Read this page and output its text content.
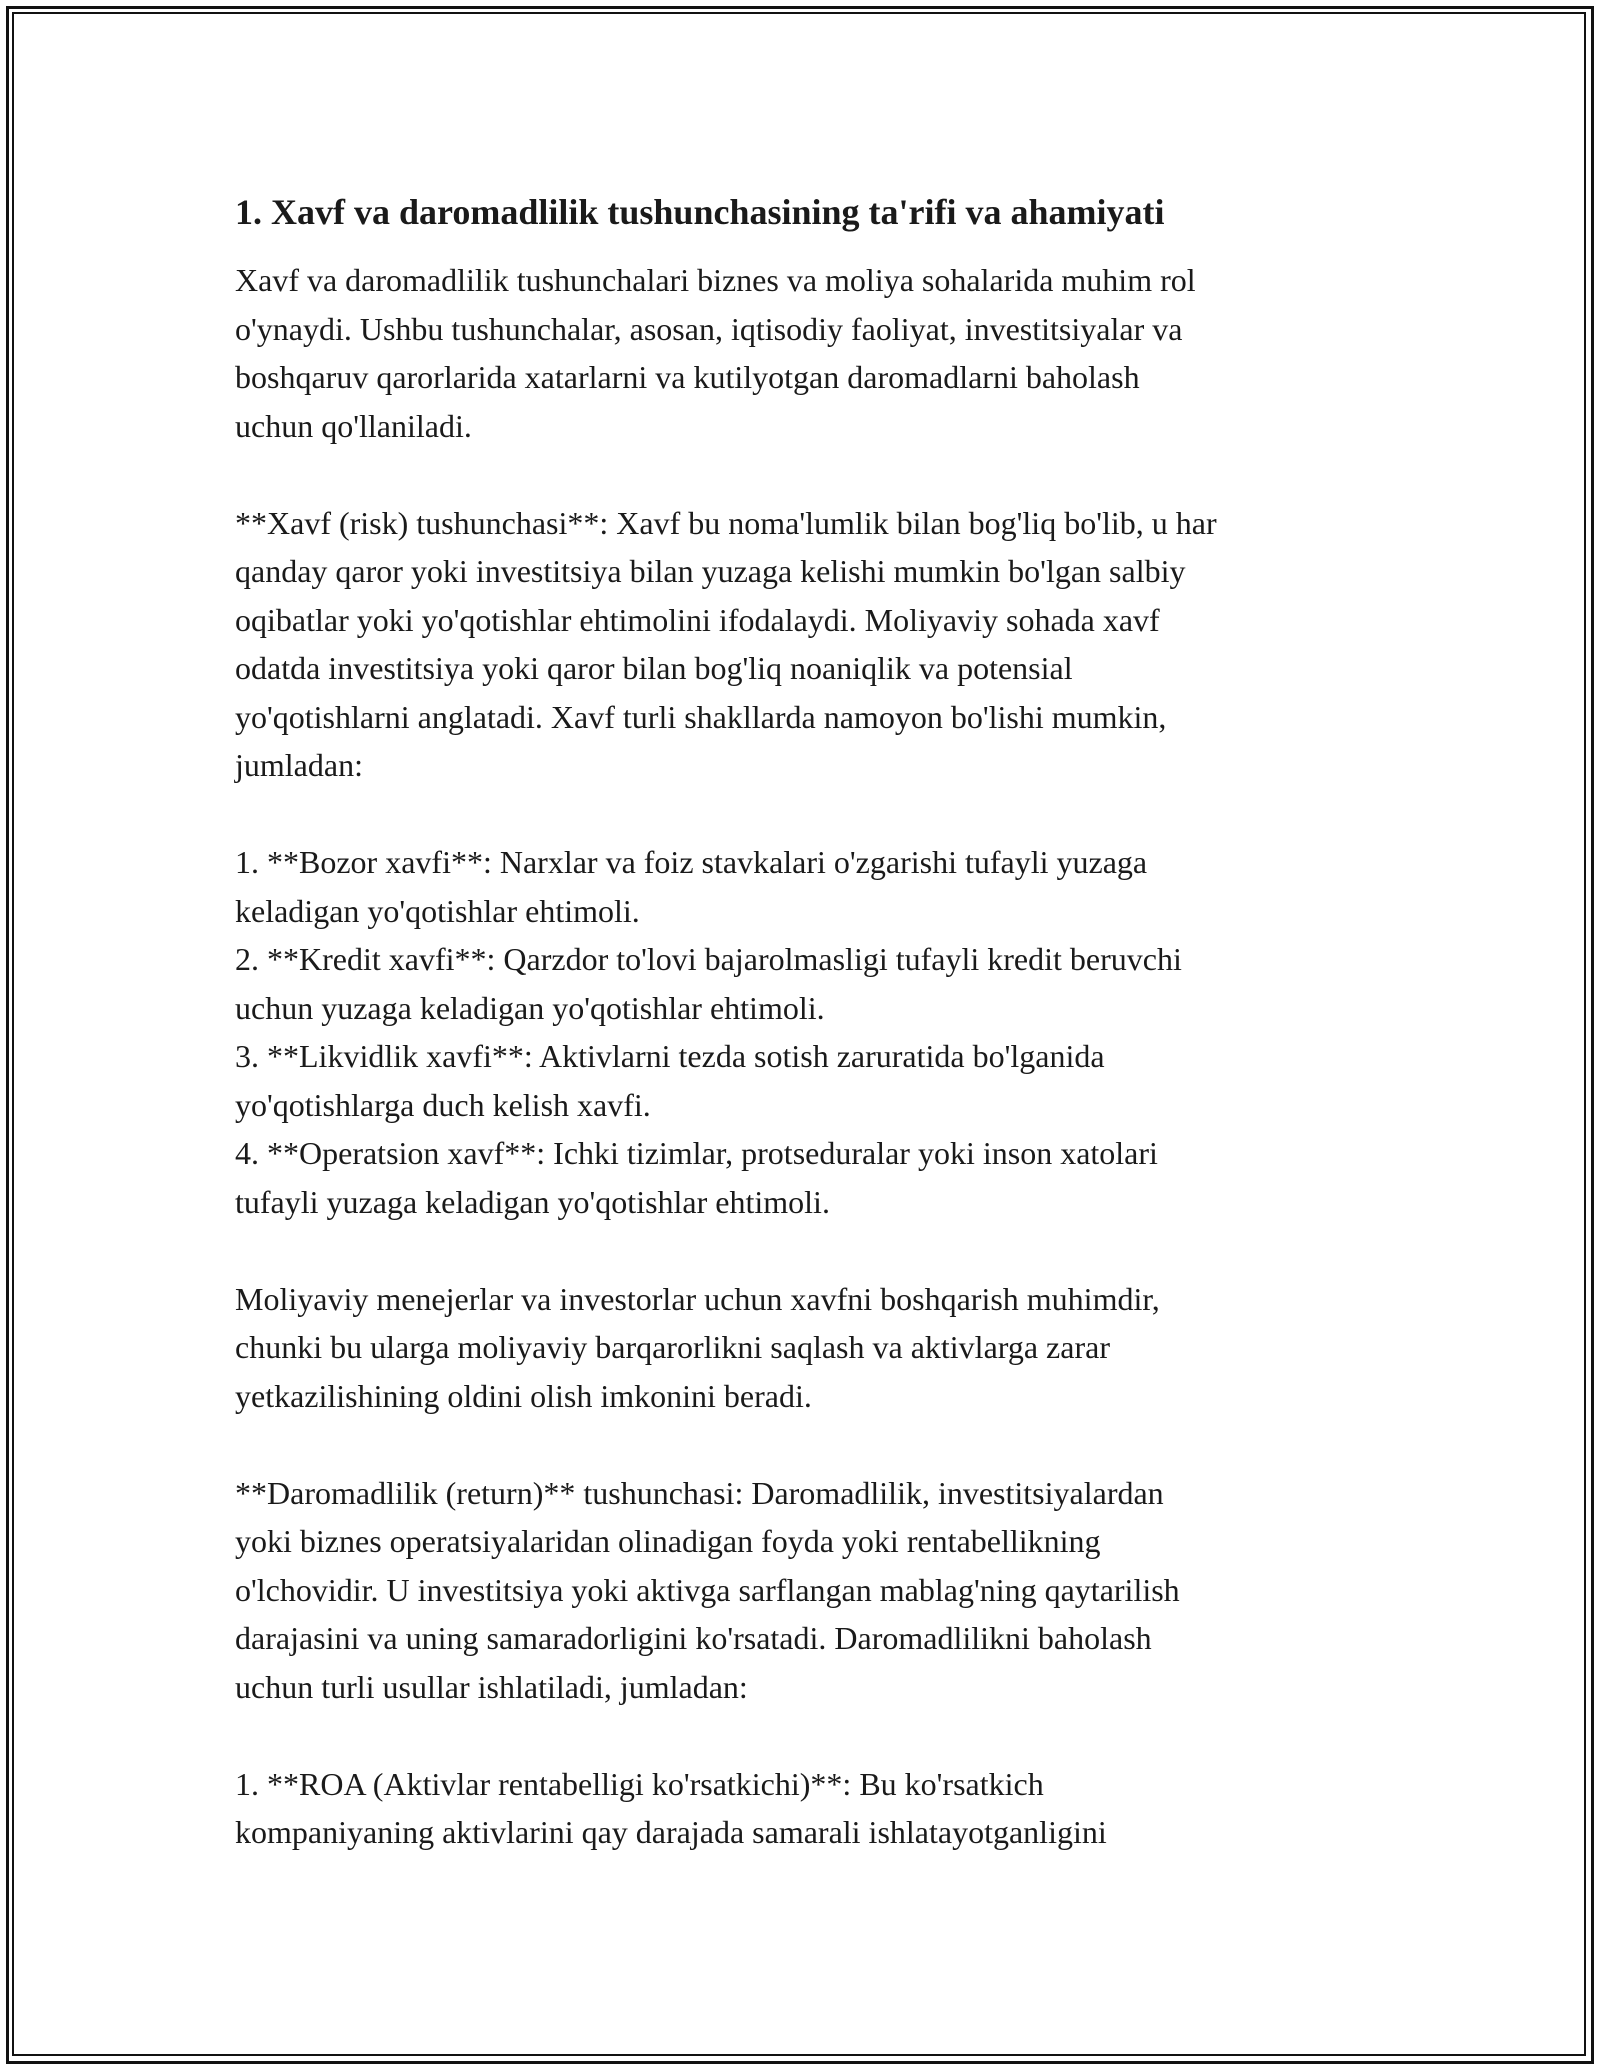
1. Xavf va daromadlilik tushunchasining ta'rifi va ahamiyati

Xavf va daromadlilik tushunchalari biznes va moliya sohalarida muhim rol
o'ynaydi. Ushbu tushunchalar, asosan, iqtisodiy faoliyat, investitsiyalar va
boshqaruv qarorlarida xatarlarni va kutilyotgan daromadlarni baholash
uchun qo'llaniladi.

**Xavf (risk) tushunchasi**: Xavf bu noma'lumlik bilan bog'liq bo'lib, u har
qanday qaror yoki investitsiya bilan yuzaga kelishi mumkin bo'lgan salbiy
oqibatlar yoki yo'qotishlar ehtimolini ifodalaydi. Moliyaviy sohada xavf
odatda investitsiya yoki qaror bilan bog'liq noaniqlik va potensial
yo'qotishlarni anglatadi. Xavf turli shakllarda namoyon bo'lishi mumkin,
jumladan:

1. **Bozor xavfi**: Narxlar va foiz stavkalari o'zgarishi tufayli yuzaga
keladigan yo'qotishlar ehtimoli.
2. **Kredit xavfi**: Qarzdor to'lovi bajarolmasligi tufayli kredit beruvchi
uchun yuzaga keladigan yo'qotishlar ehtimoli.
3. **Likvidlik xavfi**: Aktivlarni tezda sotish zaruratida bo'lganida
yo'qotishlarga duch kelish xavfi.
4. **Operatsion xavf**: Ichki tizimlar, protseduralar yoki inson xatolari
tufayli yuzaga keladigan yo'qotishlar ehtimoli.

Moliyaviy menejerlar va investorlar uchun xavfni boshqarish muhimdir,
chunki bu ularga moliyaviy barqarorlikni saqlash va aktivlarga zarar
yetkazilishining oldini olish imkonini beradi.

**Daromadlilik (return)** tushunchasi: Daromadlilik, investitsiyalardan
yoki biznes operatsiyalaridan olinadigan foyda yoki rentabellikning
o'lchovidir. U investitsiya yoki aktivga sarflangan mablag'ning qaytarilish
darajasini va uning samaradorligini ko'rsatadi. Daromadlilikni baholash
uchun turli usullar ishlatiladi, jumladan:

1. **ROA (Aktivlar rentabelligi ko'rsatkichi)**: Bu ko'rsatkich
kompaniyaning aktivlarini qay darajada samarali ishlatayotganligini
